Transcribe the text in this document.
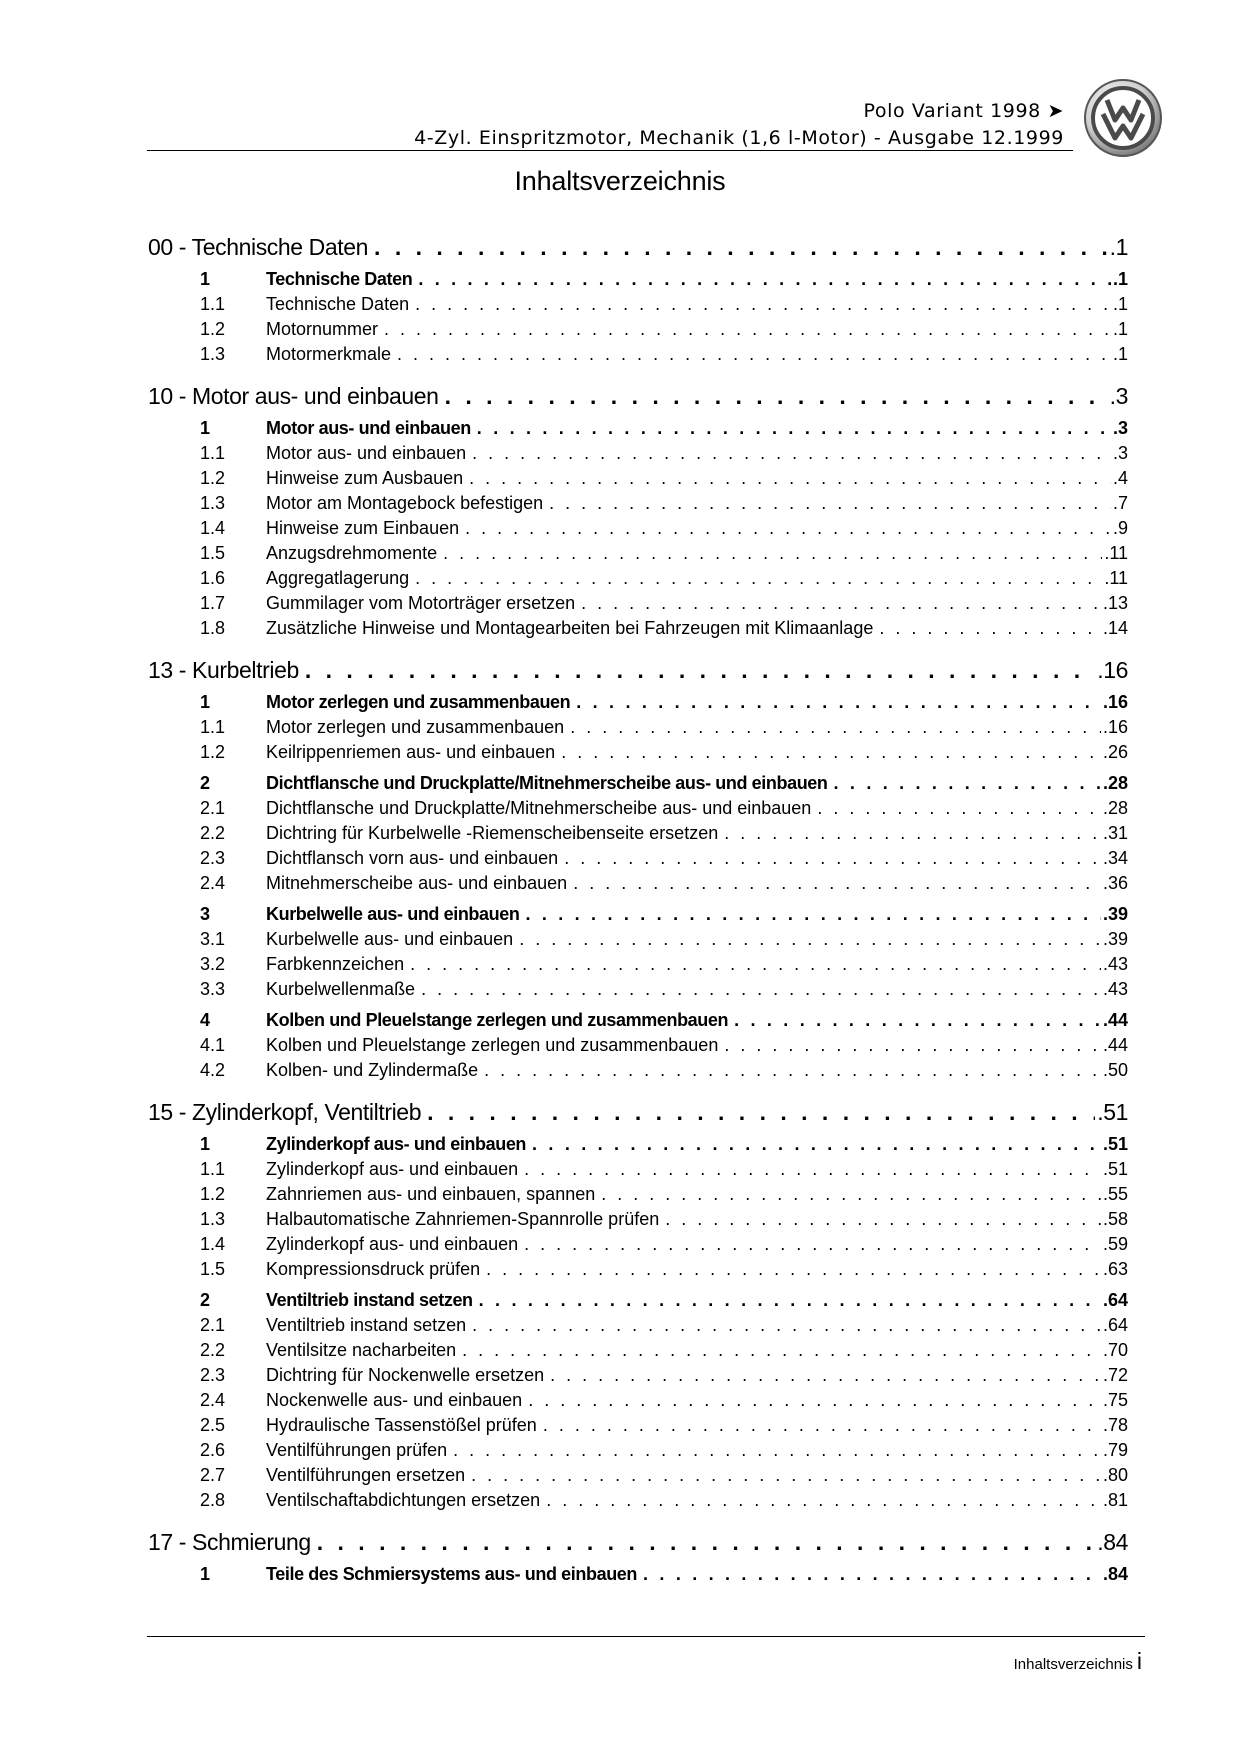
Polo Variant 1998 ➤
4-Zyl. Einspritzmotor, Mechanik (1,6 l-Motor) - Ausgabe 12.1999
Inhaltsverzeichnis
00 - Technische Daten . . .	.1
1	Technische Daten . . .	.1
1.1 Technische Daten . . .	.1
1.2 Motornummer . . .	.1
1.3 Motormerkmale . . .	.1
10 - Motor aus- und einbauen . . .	.3
1	Motor aus- und einbauen . . .	.3
1.1 Motor aus- und einbauen . . .	.3
1.2 Hinweise zum Ausbauen . . .	.4
1.3 Motor am Montagebock befestigen . . .	.7
1.4 Hinweise zum Einbauen . . .	.9
1.5 Anzugsdrehmomente . . .	.11
1.6 Aggregatlagerung . . .	.11
1.7 Gummilager vom Motorträger ersetzen . . .	.13
1.8 Zusätzliche Hinweise und Montagearbeiten bei Fahrzeugen mit Klimaanlage . . .	.14
13 - Kurbeltrieb . . .	.16
1	Motor zerlegen und zusammenbauen . . .	.16
1.1 Motor zerlegen und zusammenbauen . . .	.16
1.2 Keilrippenriemen aus- und einbauen . . .	.26
2	Dichtflansche und Druckplatte/Mitnehmerscheibe aus- und einbauen . . .	.28
2.1 Dichtflansche und Druckplatte/Mitnehmerscheibe aus- und einbauen . . .	.28
2.2 Dichtring für Kurbelwelle -Riemenscheibenseite ersetzen . . .	.31
2.3 Dichtflansch vorn aus- und einbauen . . .	.34
2.4 Mitnehmerscheibe aus- und einbauen . . .	.36
3	Kurbelwelle aus- und einbauen . . .	.39
3.1 Kurbelwelle aus- und einbauen . . .	.39
3.2 Farbkennzeichen . . .	.43
3.3 Kurbelwellenmaße . . .	.43
4	Kolben und Pleuelstange zerlegen und zusammenbauen . . .	.44
4.1 Kolben und Pleuelstange zerlegen und zusammenbauen . . .	.44
4.2 Kolben- und Zylindermaße . . .	.50
15 - Zylinderkopf, Ventiltrieb . . .	.51
1	Zylinderkopf aus- und einbauen . . .	.51
1.1 Zylinderkopf aus- und einbauen . . .	.51
1.2 Zahnriemen aus- und einbauen, spannen . . .	.55
1.3 Halbautomatische Zahnriemen-Spannrolle prüfen . . .	.58
1.4 Zylinderkopf aus- und einbauen . . .	.59
1.5 Kompressionsdruck prüfen . . .	.63
2	Ventiltrieb instand setzen . . .	.64
2.1 Ventiltrieb instand setzen . . .	.64
2.2 Ventilsitze nacharbeiten . . .	.70
2.3 Dichtring für Nockenwelle ersetzen . . .	.72
2.4 Nockenwelle aus- und einbauen . . .	.75
2.5 Hydraulische Tassenstößel prüfen . . .	.78
2.6 Ventilführungen prüfen . . .	.79
2.7 Ventilführungen ersetzen . . .	.80
2.8 Ventilschaftabdichtungen ersetzen . . .	.81
17 - Schmierung . . .	.84
1	Teile des Schmiersystems aus- und einbauen . . .	.84
Inhaltsverzeichnis i
